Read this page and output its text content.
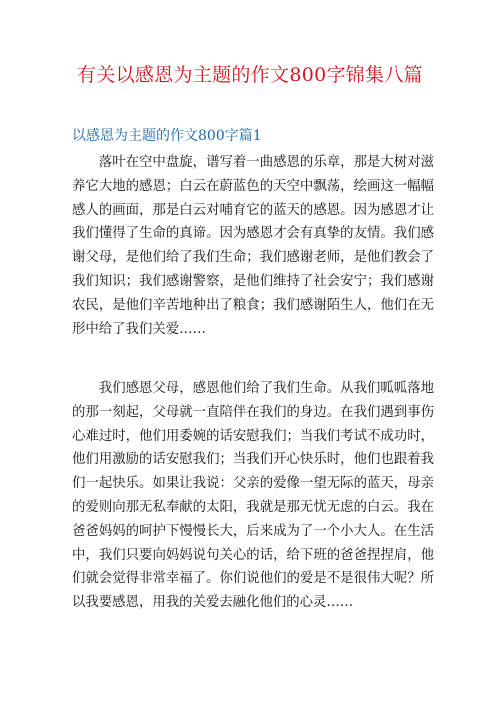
有关以感恩为主题的作文800字锦集八篇
以感恩为主题的作文800字篇1

落叶在空中盘旋，谱写着一曲感恩的乐章，那是大树对滋养它大地的感恩；白云在蔚蓝色的天空中飘荡，绘画这一幅幅感人的画面，那是白云对哺育它的蓝天的感恩。因为感恩才让我们懂得了生命的真谛。因为感恩才会有真挚的友情。我们感谢父母，是他们给了我们生命；我们感谢老师，是他们教会了我们知识；我们感谢警察，是他们维持了社会安宁；我们感谢农民，是他们辛苦地种出了粮食；我们感谢陌生人，他们在无形中给了我们关爱……

我们感恩父母，感恩他们给了我们生命。从我们呱呱落地的那一刻起，父母就一直陪伴在我们的身边。在我们遇到事伤心难过时，他们用委婉的话安慰我们；当我们考试不成功时，他们用激励的话安慰我们；当我们开心快乐时，他们也跟着我们一起快乐。如果让我说：父亲的爱像一望无际的蓝天，母亲的爱则向那无私奉献的太阳，我就是那无忧无虑的白云。我在爸爸妈妈的呵护下慢慢长大，后来成为了一个小大人。在生活中，我们只要向妈妈说句关心的话，给下班的爸爸捏捏肩，他们就会觉得非常幸福了。你们说他们的爱是不是很伟大呢？所以我要感恩，用我的关爱去融化他们的心灵……
